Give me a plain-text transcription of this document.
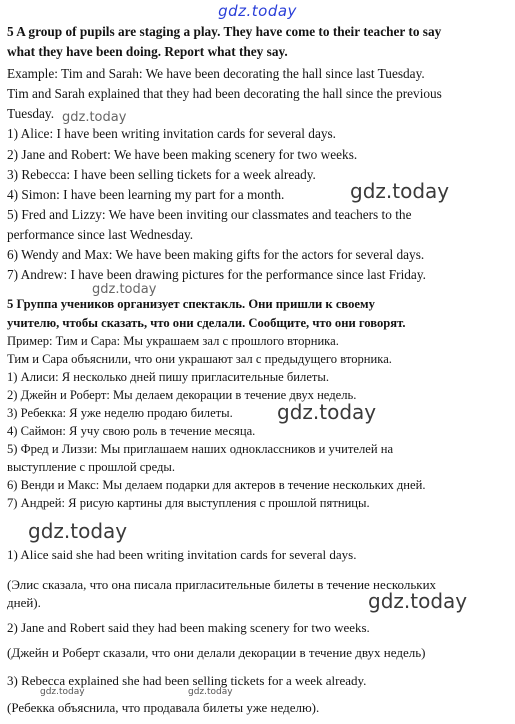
gdz.today
5 A group of pupils are staging a play. They have come to their teacher to say
what they have been doing. Report what they say.
Example: Tim and Sarah: We have been decorating the hall since last Tuesday.
Tim and Sarah explained that they had been decorating the hall since the previous
Tuesday. gdz.today
1) Alice: I have been writing invitation cards for several days.
2) Jane and Robert: We have been making scenery for two weeks.
3) Rebecca: I have been selling tickets for a week already.
4) Simon: I have been learning my part for a month.	gdz.today
5) Fred and Lizzy: We have been inviting our classmates and teachers to the
performance since last Wednesday.
6) Wendy and Max: We have been making gifts for the actors for several days.
7) Andrew: I have been drawing pictures for the performance since last Friday.
gdz.today
5 Группа учеников организует спектакль. Они пришли к своему
учителю, чтобы сказать, что они сделали. Сообщите, что они говорят.
Пример: Тим и Сара: Мы украшаем зал с прошлого вторника.
Тим и Сара объяснили, что они украшают зал с предыдущего вторника.
1) Алиси: Я несколько дней пишу пригласительные билеты.
2) Джейн и Роберт: Мы делаем декорации в течение двух недель.
3) Ребекка: Я уже неделю продаю билеты. gdz.today
4) Саймон: Я учу свою роль в течение месяца.
5) Фред и Лиззи: Мы приглашаем наших одноклассников и учителей на
выступление с прошлой среды.
6) Венди и Макс: Мы делаем подарки для актеров в течение нескольких дней.
7) Андрей: Я рисую картины для выступления с прошлой пятницы.
gdz.today
1) Alice said she had been writing invitation cards for several days.
(Элис сказала, что она писала пригласительные билеты в течение нескольких
дней).	gdz.today
2) Jane and Robert said they had been making scenery for two weeks.
(Джейн и Роберт сказали, что они делали декорации в течение двух недель)
3) Rebecca explained she had been selling tickets for a week already.
gdz.today	gdz.today
(Ребекка объяснила, что продавала билеты уже неделю).
